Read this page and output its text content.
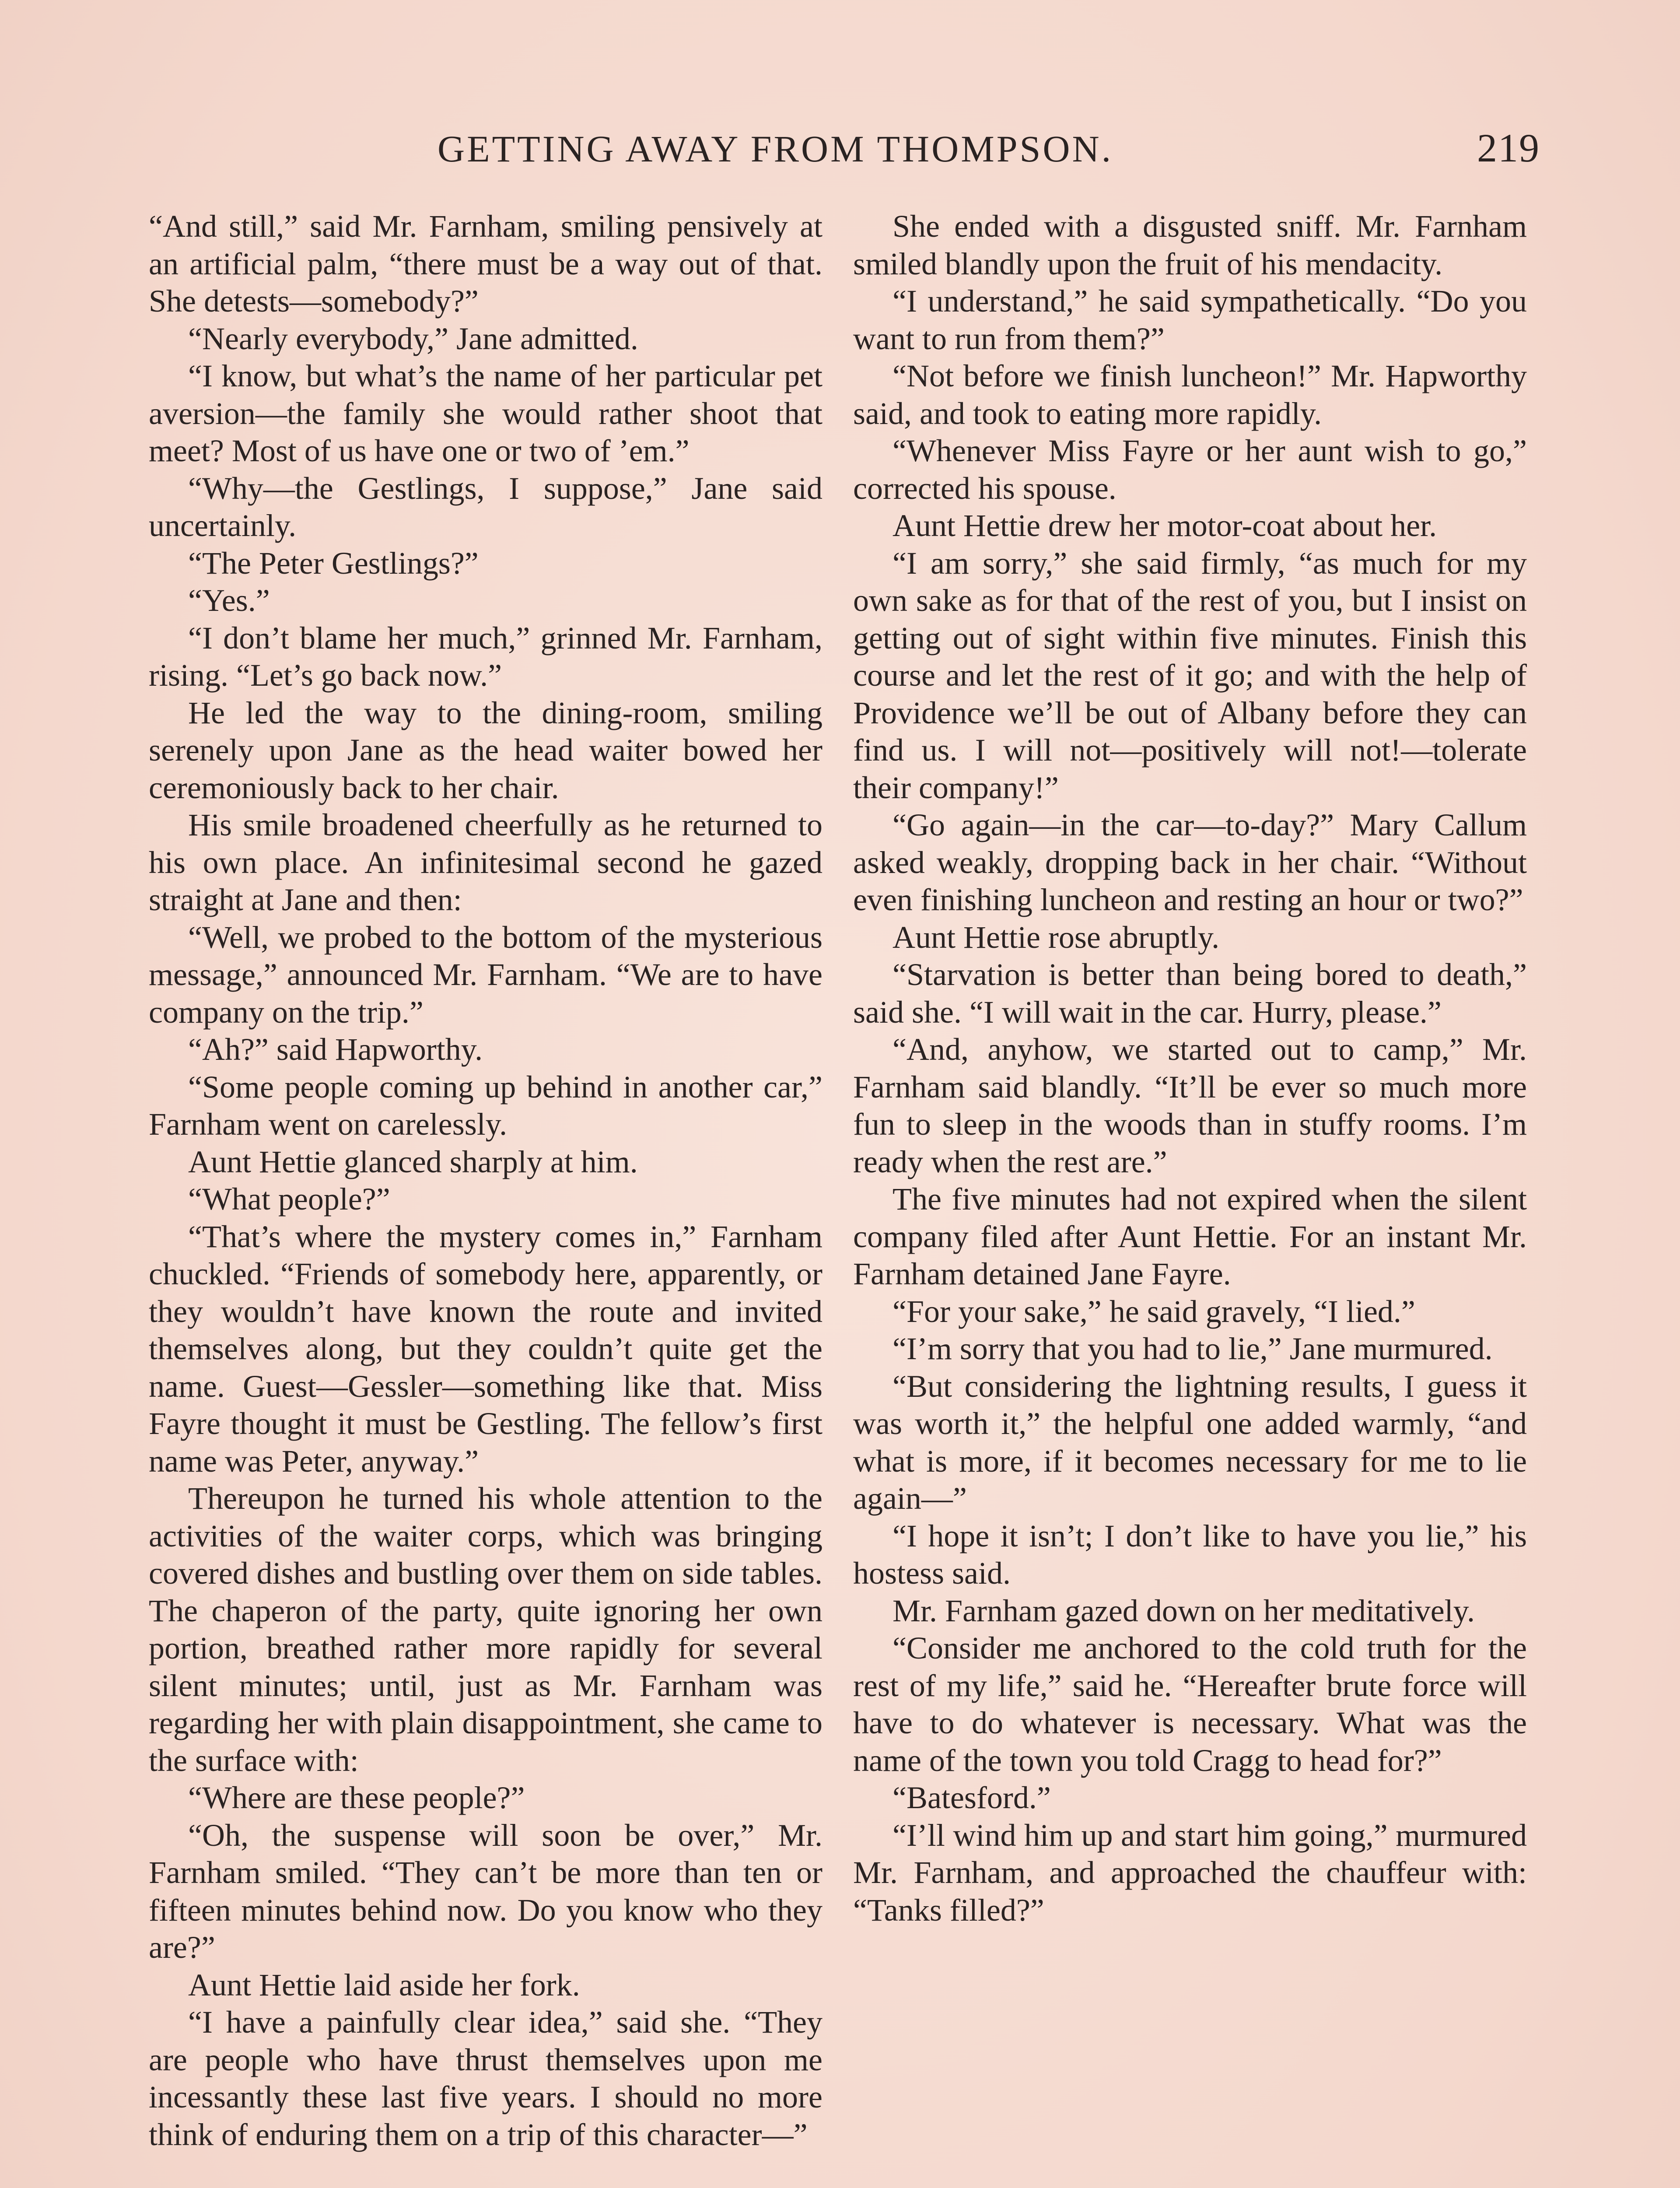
GETTING AWAY FROM THOMPSON.	219

“And still,” said Mr. Farnham, smiling pensively at an artificial palm, “there must be a way out of that. She detests—somebody?”

“Nearly everybody,” Jane admitted.

“I know, but what’s the name of her particular pet aversion—the family she would rather shoot that meet? Most of us have one or two of ’em.”

“Why—the Gestlings, I suppose,” Jane said uncertainly.

“The Peter Gestlings?”

“Yes.”

“I don’t blame her much,” grinned Mr. Farnham, rising. “Let’s go back now.”

He led the way to the dining-room, smiling serenely upon Jane as the head waiter bowed her ceremoniously back to her chair.

His smile broadened cheerfully as he returned to his own place. An infinitesimal second he gazed straight at Jane and then:

“Well, we probed to the bottom of the mysterious message,” announced Mr. Farnham. “We are to have company on the trip.”

“Ah?” said Hapworthy.

“Some people coming up behind in another car,” Farnham went on carelessly.

Aunt Hettie glanced sharply at him.

“What people?”

“That’s where the mystery comes in,” Farnham chuckled. “Friends of somebody here, apparently, or they wouldn’t have known the route and invited themselves along, but they couldn’t quite get the name. Guest—Gessler—something like that. Miss Fayre thought it must be Gestling. The fellow’s first name was Peter, anyway.”

Thereupon he turned his whole attention to the activities of the waiter corps, which was bringing covered dishes and bustling over them on side tables. The chaperon of the party, quite ignoring her own portion, breathed rather more rapidly for several silent minutes; until, just as Mr. Farnham was regarding her with plain disappointment, she came to the surface with:

“Where are these people?”

“Oh, the suspense will soon be over,” Mr. Farnham smiled. “They can’t be more than ten or fifteen minutes behind now. Do you know who they are?”

Aunt Hettie laid aside her fork.

“I have a painfully clear idea,” said she. “They are people who have thrust themselves upon me incessantly these last five years. I should no more think of enduring them on a trip of this character—”

She ended with a disgusted sniff. Mr. Farnham smiled blandly upon the fruit of his mendacity.

“I understand,” he said sympathetically. “Do you want to run from them?”

“Not before we finish luncheon!” Mr. Hapworthy said, and took to eating more rapidly.

“Whenever Miss Fayre or her aunt wish to go,” corrected his spouse.

Aunt Hettie drew her motor-coat about her.

“I am sorry,” she said firmly, “as much for my own sake as for that of the rest of you, but I insist on getting out of sight within five minutes. Finish this course and let the rest of it go; and with the help of Providence we’ll be out of Albany before they can find us. I will not—positively will not!—tolerate their company!”

“Go again—in the car—to-day?” Mary Callum asked weakly, dropping back in her chair. “Without even finishing luncheon and resting an hour or two?”

Aunt Hettie rose abruptly.

“Starvation is better than being bored to death,” said she. “I will wait in the car. Hurry, please.”

“And, anyhow, we started out to camp,” Mr. Farnham said blandly. “It’ll be ever so much more fun to sleep in the woods than in stuffy rooms. I’m ready when the rest are.”

The five minutes had not expired when the silent company filed after Aunt Hettie. For an instant Mr. Farnham detained Jane Fayre.

“For your sake,” he said gravely, “I lied.”

“I’m sorry that you had to lie,” Jane murmured.

“But considering the lightning results, I guess it was worth it,” the helpful one added warmly, “and what is more, if it becomes necessary for me to lie again—”

“I hope it isn’t; I don’t like to have you lie,” his hostess said.

Mr. Farnham gazed down on her meditatively.

“Consider me anchored to the cold truth for the rest of my life,” said he. “Hereafter brute force will have to do whatever is necessary. What was the name of the town you told Cragg to head for?”

“Batesford.”

“I’ll wind him up and start him going,” murmured Mr. Farnham, and approached the chauffeur with: “Tanks filled?”
